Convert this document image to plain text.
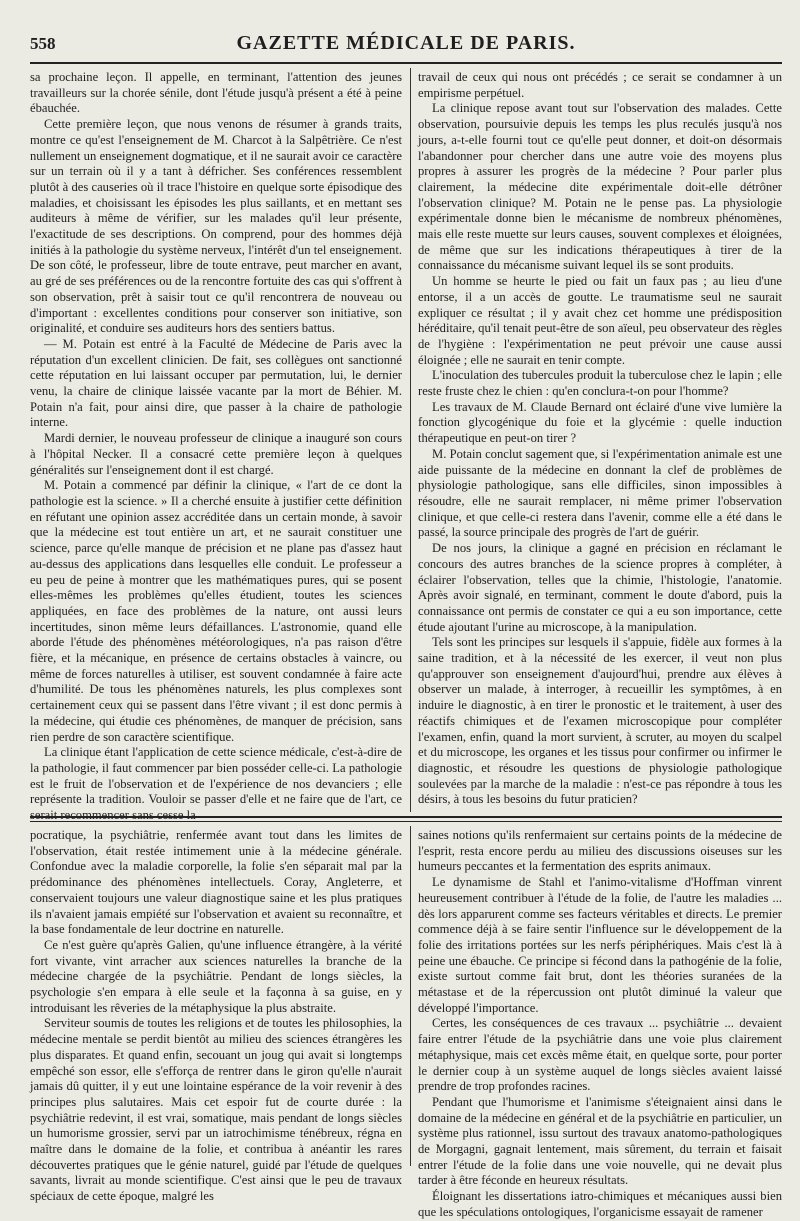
558	GAZETTE MÉDICALE DE PARIS.

sa prochaine leçon. Il appelle, en terminant, l'attention des jeunes travailleurs sur la chorée sénile, dont l'étude jusqu'à présent a été à peine ébauchée.

Cette première leçon, que nous venons de résumer à grands traits, montre ce qu'est l'enseignement de M. Charcot à la Salpêtrière. Ce n'est nullement un enseignement dogmatique, et il ne saurait avoir ce caractère sur un terrain où il y a tant à défricher. Ses conférences ressemblent plutôt à des causeries où il trace l'histoire en quelque sorte épisodique des maladies, et choisissant les épisodes les plus saillants, et en mettant ses auditeurs à même de vérifier, sur les malades qu'il leur présente, l'exactitude de ses descriptions. On comprend, pour des hommes déjà initiés à la pathologie du système nerveux, l'intérêt d'un tel enseignement. De son côté, le professeur, libre de toute entrave, peut marcher en avant, au gré de ses préférences ou de la rencontre fortuite des cas qui s'offrent à son observation, prêt à saisir tout ce qu'il rencontrera de nouveau ou d'important : excellentes conditions pour conserver son initiative, son originalité, et conduire ses auditeurs hors des sentiers battus.

— M. Potain est entré à la Faculté de Médecine de Paris avec la réputation d'un excellent clinicien. De fait, ses collègues ont sanctionné cette réputation en lui laissant occuper par permutation, lui, le dernier venu, la chaire de clinique laissée vacante par la mort de Béhier. M. Potain n'a fait, pour ainsi dire, que passer à la chaire de pathologie interne.

Mardi dernier, le nouveau professeur de clinique a inauguré son cours à l'hôpital Necker. Il a consacré cette première leçon à quelques généralités sur l'enseignement dont il est chargé.

M. Potain a commencé par définir la clinique, « l'art de ce dont la pathologie est la science. » Il a cherché ensuite à justifier cette définition en réfutant une opinion assez accréditée dans un certain monde, à savoir que la médecine est tout entière un art, et ne saurait constituer une science, parce qu'elle manque de précision et ne plane pas d'assez haut au-dessus des applications dans lesquelles elle conduit. Le professeur a eu peu de peine à montrer que les mathématiques pures, qui se posent elles-mêmes les problèmes qu'elles étudient, toutes les sciences appliquées, en face des problèmes de la nature, ont aussi leurs incertitudes, sinon même leurs défaillances. L'astronomie, quand elle aborde l'étude des phénomènes météorologiques, n'a pas raison d'être fière, et la mécanique, en présence de certains obstacles à vaincre, ou même de forces naturelles à utiliser, est souvent condamnée à faire acte d'humilité. De tous les phénomènes naturels, les plus complexes sont certainement ceux qui se passent dans l'être vivant ; il est donc permis à la médecine, qui étudie ces phénomènes, de manquer de précision, sans rien perdre de son caractère scientifique.

La clinique étant l'application de cette science médicale, c'est-à-dire de la pathologie, il faut commencer par bien posséder celle-ci. La pathologie est le fruit de l'observation et de l'expérience de nos devanciers ; elle représente la tradition. Vouloir se passer d'elle et ne faire que de l'art, ce

travail de ceux qui nous ont précédés ; ce serait se condamner à un empirisme perpétuel.

La clinique repose avant tout sur l'observation des malades. Cette observation, poursuivie depuis les temps les plus reculés jusqu'à nos jours, a-t-elle fourni tout ce qu'elle peut donner, et doit-on désormais l'abandonner pour chercher dans une autre voie des moyens plus propres à assurer les progrès de la médecine ? Pour parler plus clairement, la médecine dite expérimentale doit-elle détrôner l'observation clinique? M. Potain ne le pense pas. La physiologie expérimentale donne bien le mécanisme de nombreux phénomènes, mais elle reste muette sur leurs causes, souvent complexes et éloignées, de même que sur les indications thérapeutiques à tirer de la connaissance du mécanisme suivant lequel ils se sont produits.

Un homme se heurte le pied ou fait un faux pas ; au lieu d'une entorse, il a un accès de goutte. Le traumatisme seul ne saurait expliquer ce résultat ; il y avait chez cet homme une prédisposition héréditaire, qu'il tenait peut-être de son aïeul, peu observateur des règles de l'hygiène : l'expérimentation ne peut prévoir une cause aussi éloignée ; elle ne saurait en tenir compte.

L'inoculation des tubercules produit la tuberculose chez le lapin ; elle reste fruste chez le chien : qu'en conclura-t-on pour l'homme?

Les travaux de M. Claude Bernard ont éclairé d'une vive lumière la fonction glycogénique du foie et la glycémie : quelle induction thérapeutique en peut-on tirer ?

M. Potain conclut sagement que, si l'expérimentation animale est une aide puissante de la médecine en donnant la clef de problèmes de physiologie pathologique, sans elle difficiles, sinon impossibles à résoudre, elle ne saurait remplacer, ni même primer l'observation clinique, et que celle-ci restera dans l'avenir, comme elle a été dans le passé, la source principale des progrès de l'art de guérir.

De nos jours, la clinique a gagné en précision en réclamant le concours des autres branches de la science propres à compléter, à éclairer l'observation, telles que la chimie, l'histologie, l'anatomie. Après avoir signalé, en terminant, comment le doute d'abord, puis la connaissance ont permis de constater ce qui a eu son importance, cette étude ajoutant l'urine au microscope, à la manipulation.

Tels sont les principes sur lesquels il s'appuie, fidèle aux formes à la saine tradition, et à la nécessité de les exercer, il veut non plus qu'approuver son enseignement d'aujourd'hui, prendre aux élèves à observer un malade, à interroger, à recueillir les symptômes, à en induire le diagnostic, à en tirer le pronostic et le traitement, à user des réactifs chimiques et de l'examen microscopique pour compléter l'examen, enfin, quand la mort survient, à scruter, au moyen du scalpel et du microscope, les organes et les tissus pour confirmer ou infirmer le diagnostic, et résoudre les questions de physiologie pathologique soulevées par la marche de la maladie : n'est-ce pas répondre à tous les désirs, à tous les besoins du futur praticien?

pocratique, la psychiâtrie, renfermée avant tout dans les limites de l'observation, était restée intimement unie à la médecine générale. Confondue avec la maladie corporelle, la folie s'en séparait mal par la prédominance des phénomènes intellectuels. Coray, Angleterre, et conservaient toujours une valeur diagnostique saine et les plus pratiques ils n'avaient jamais empiété sur l'observation et avaient su reconnaître, et la base fondamentale de leur doctrine en naturelle.

Ce n'est guère qu'après Galien, qu'une influence étrangère, à la vérité fort vivante, vint arracher aux sciences naturelles la branche de la médecine chargée de la psychiâtrie. Pendant de longs siècles, la psychologie s'en empara à elle seule et la façonna à sa guise, en y introduisant les rêveries de la métaphysique la plus abstraite.

Serviteur soumis de toutes les religions et de toutes les philosophies, la médecine mentale se perdit bientôt au milieu des sciences étrangères les plus disparates. Et quand enfin, secouant un joug qui avait si longtemps empêché son essor, elle s'efforça de rentrer dans le giron qu'elle n'aurait jamais dû quitter, il y eut une lointaine espérance de la voir revenir à des principes plus salutaires. Mais cet espoir fut de courte durée : la psychiâtrie redevint, il est vrai, somatique, mais pendant de longs siècles un humorisme grossier, servi par un iatrochimisme ténébreux, régna en maître dans le domaine de la folie, et contribua à anéantir les rares découvertes pratiques que le génie naturel, guidé par l'étude de quelques savants, livrait au monde scientifique. C'est ainsi que le peu de travaux spéciaux de cette époque, malgré les

saines notions qu'ils renfermaient sur certains points de la médecine de l'esprit, resta encore perdu au milieu des discussions oiseuses sur les humeurs peccantes et la fermentation des esprits animaux.

Le dynamisme de Stahl et l'animo-vitalisme d'Hoffman vinrent heureusement contribuer à l'étude de la folie, de l'autre les maladies ... dès lors apparurent comme ses facteurs véritables et directs. Le premier commence déjà à se faire sentir l'influence sur le développement de la folie des irritations portées sur les nerfs périphériques. Mais c'est là à peine une ébauche. Ce principe si fécond dans la pathogénie de la folie, existe surtout comme fait brut, dont les théories suranées de la métastase et de la répercussion ont plutôt diminué la valeur que développé l'importance.

Certes, les conséquences de ces travaux ... psychiâtrie ... devaient faire entrer l'étude de la psychiâtrie dans une voie plus clairement métaphysique, mais cet excès même était, en quelque sorte, pour porter le dernier coup à un système auquel de longs siècles avaient laissé prendre de trop profondes racines.

Pendant que l'humorisme et l'animisme s'éteignaient ainsi dans le domaine de la médecine en général et de la psychiâtrie en particulier, un système plus rationnel, issu surtout des travaux anatomo-pathologiques de Morgagni, gagnait lentement, mais sûrement, du terrain et faisait entrer l'étude de la folie dans une voie nouvelle, qui ne devait plus tarder à être féconde en heureux résultats.

Éloignant les dissertations iatro-chimiques et mécaniques aussi bien que les spéculations ontologiques, l'organicisme essayait de ramener
